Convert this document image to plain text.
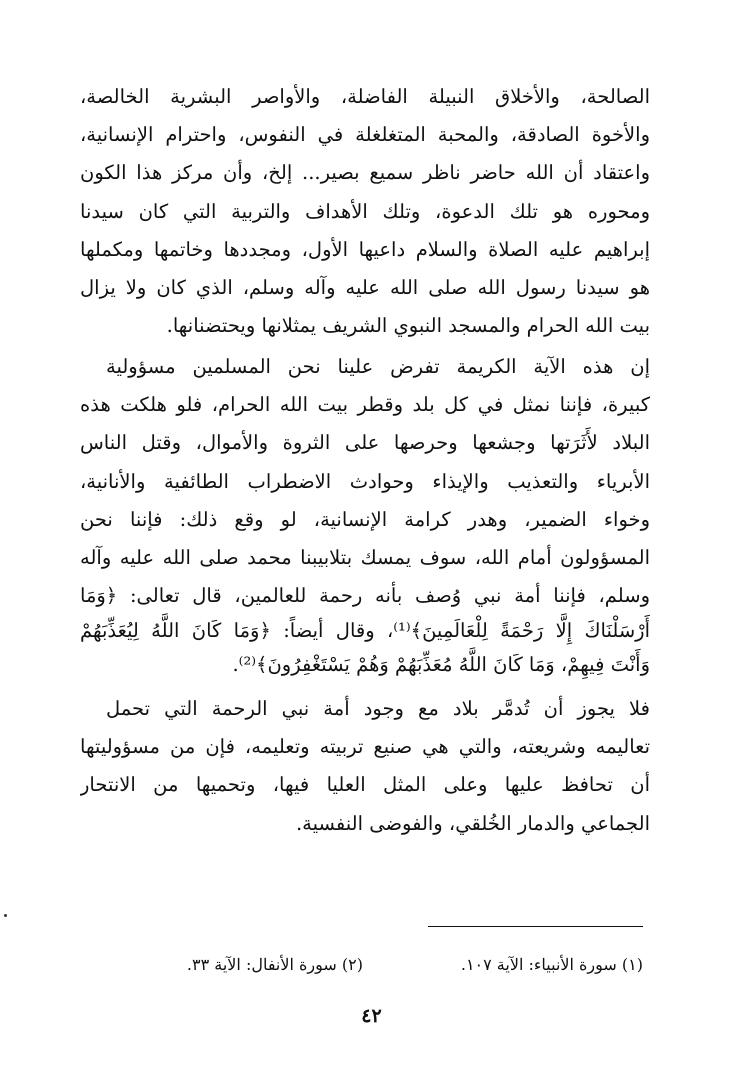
الصالحة، والأخلاق النبيلة الفاضلة، والأواصر البشرية الخالصة،
والأخوة الصادقة، والمحبة المتغلغلة في النفوس، واحترام الإنسانية،
واعتقاد أن الله حاضر ناظر سميع بصير... إلخ، وأن مركز هذا الكون
ومحوره هو تلك الدعوة، وتلك الأهداف والتربية التي كان سيدنا
إبراهيم عليه الصلاة والسلام داعيها الأول، ومجددها وخاتمها ومكملها
هو سيدنا رسول الله صلى الله عليه وآله وسلم، الذي كان ولا يزال
بيت الله الحرام والمسجد النبوي الشريف يمثلانها ويحتضنانها.
إن هذه الآية الكريمة تفرض علينا نحن المسلمين مسؤولية
كبيرة، فإننا نمثل في كل بلد وقطر بيت الله الحرام، فلو هلكت هذه
البلاد لأَثَرَتها وجشعها وحرصها على الثروة والأموال، وقتل الناس
الأبرياء والتعذيب والإيذاء وحوادث الاضطراب الطائفية والأنانية،
وخواء الضمير، وهدر كرامة الإنسانية، لو وقع ذلك: فإننا نحن
المسؤولون أمام الله، سوف يمسك بتلابيبنا محمد صلى الله عليه وآله
وسلم، فإننا أمة نبي وُصف بأنه رحمة للعالمين، قال تعالى: ﴿وَمَا
أَرْسَلْنَاكَ إِلَّا رَحْمَةً لِلْعَالَمِينَ﴾⁽¹⁾، وقال أيضاً: ﴿وَمَا كَانَ اللَّهُ لِيُعَذِّبَهُمْ
وَأَنْتَ فِيهِمْ، وَمَا كَانَ اللَّهُ مُعَذِّبَهُمْ وَهُمْ يَسْتَغْفِرُونَ﴾⁽²⁾.
فلا يجوز أن تُدمَّر بلاد مع وجود أمة نبي الرحمة التي تحمل
تعاليمه وشريعته، والتي هي صنيع تربيته وتعليمه، فإن من مسؤوليتها
أن تحافظ عليها وعلى المثل العليا فيها، وتحميها من الانتحار
الجماعي والدمار الخُلقي، والفوضى النفسية.
(١) سورة الأنبياء: الآية ١٠٧.
(٢) سورة الأنفال: الآية ٣٣.
٤٢
